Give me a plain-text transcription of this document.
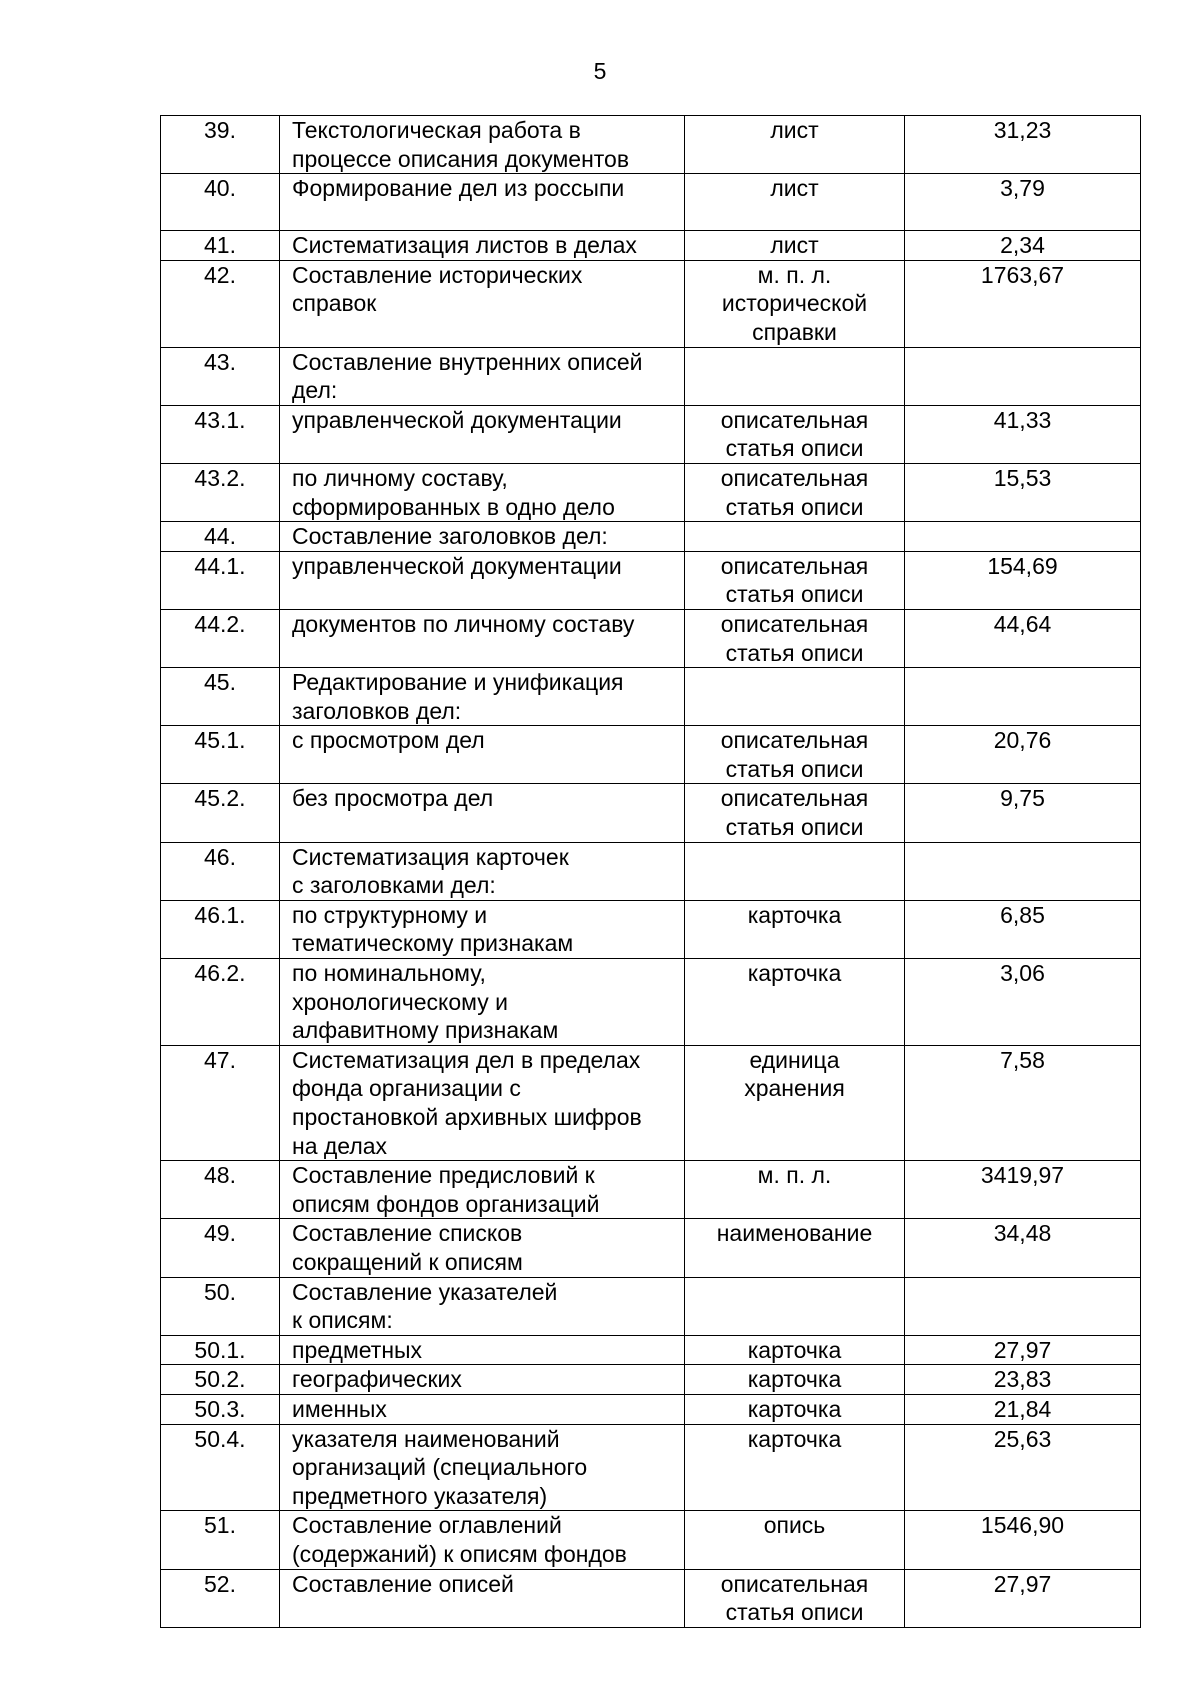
5
39.	Текстологическая работа в
процессе описания документов	лист	31,23
40.	Формирование дел из россыпи	лист	3,79
41.	Систематизация листов в делах	лист	2,34
42.	Составление исторических
справок	м. п. л.
исторической
справки	1763,67
43.	Составление внутренних описей
дел:		
43.1.	управленческой документации	описательная
статья описи	41,33
43.2.	по личному составу,
сформированных в одно дело	описательная
статья описи	15,53
44.	Составление заголовков дел:		
44.1.	управленческой документации	описательная
статья описи	154,69
44.2.	документов по личному составу	описательная
статья описи	44,64
45.	Редактирование и унификация
заголовков дел:		
45.1.	с просмотром дел	описательная
статья описи	20,76
45.2.	без просмотра дел	описательная
статья описи	9,75
46.	Систематизация карточек
с заголовками дел:		
46.1.	по структурному и
тематическому признакам	карточка	6,85
46.2.	по номинальному,
хронологическому и
алфавитному признакам	карточка	3,06
47.	Систематизация дел в пределах
фонда организации с
простановкой архивных шифров
на делах	единица
хранения	7,58
48.	Составление предисловий к
описям фондов организаций	м. п. л.	3419,97
49.	Составление списков
сокращений к описям	наименование	34,48
50.	Составление указателей
к описям:		
50.1.	предметных	карточка	27,97
50.2.	географических	карточка	23,83
50.3.	именных	карточка	21,84
50.4.	указателя наименований
организаций (специального
предметного указателя)	карточка	25,63
51.	Составление оглавлений
(содержаний) к описям фондов	опись	1546,90
52.	Составление описей	описательная
статья описи	27,97
